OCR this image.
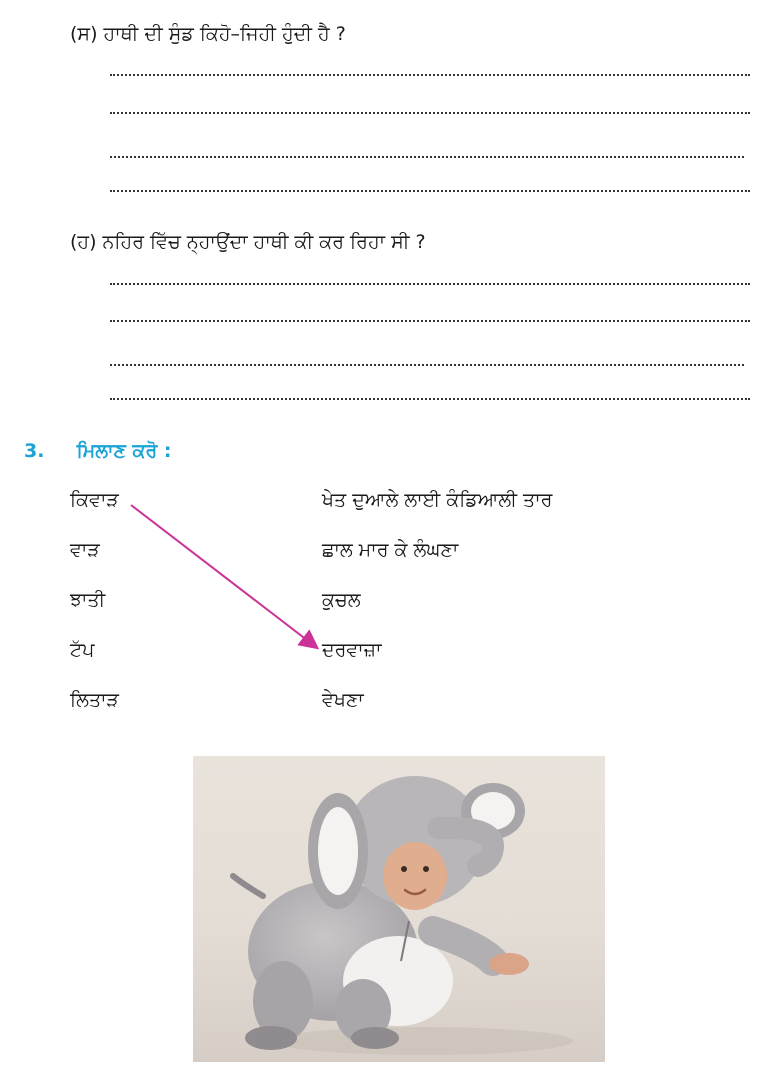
(ਸ) ਹਾਥੀ ਦੀ ਸੁੰਡ ਕਿਹੋ–ਜਿਹੀ ਹੁੰਦੀ ਹੈ ?
(ਹ) ਨਹਿਰ ਵਿੱਚ ਨ੍ਹਾਉਂਦਾ ਹਾਥੀ ਕੀ ਕਰ ਰਿਹਾ ਸੀ ?
3. ਮਿਲਾਣ ਕਰੋ :
ਕਿਵਾੜ
ਵਾੜ
ਝਾਤੀ
ਟੱਪ
ਲਿਤਾੜ
ਖੇਤ ਦੁਆਲੇ ਲਾਈ ਕੰਡਿਆਲੀ ਤਾਰ
ਛਾਲ ਮਾਰ ਕੇ ਲੰਘਣਾ
ਕੁਚਲ
ਦਰਵਾਜ਼ਾ
ਵੇਖਣਾ
